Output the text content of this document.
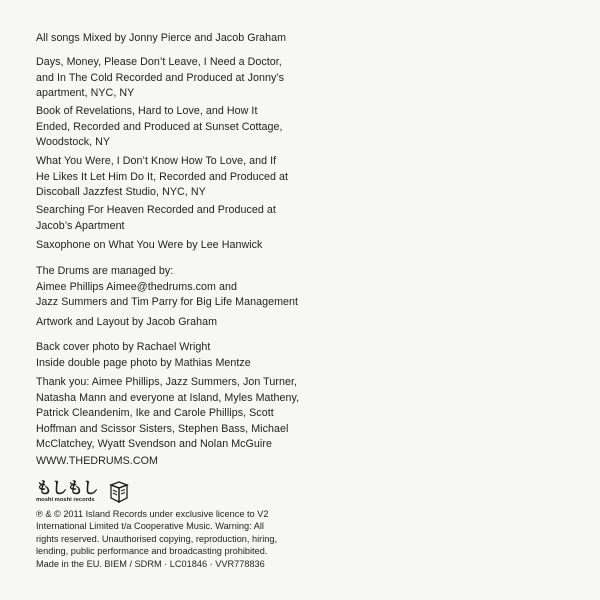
All songs Mixed by Jonny Pierce and Jacob Graham
Days, Money, Please Don’t Leave, I Need a Doctor,
and In The Cold Recorded and Produced at Jonny’s
apartment, NYC, NY
Book of Revelations, Hard to Love, and How It
Ended, Recorded and Produced at Sunset Cottage,
Woodstock, NY
What You Were, I Don’t Know How To Love, and If
He Likes It Let Him Do It, Recorded and Produced at
Discoball Jazzfest Studio, NYC, NY
Searching For Heaven Recorded and Produced at
Jacob’s Apartment
Saxophone on What You Were by Lee Hanwick
The Drums are managed by:
Aimee Phillips Aimee@thedrums.com and
Jazz Summers and Tim Parry for Big Life Management
Artwork and Layout by Jacob Graham
Back cover photo by Rachael Wright
Inside double page photo by Mathias Mentze
Thank you: Aimee Phillips, Jazz Summers, Jon Turner,
Natasha Mann and everyone at Island, Myles Matheny,
Patrick Cleandenim, Ike and Carole Phillips, Scott
Hoffman and Scissor Sisters, Stephen Bass, Michael
McClatchey, Wyatt Svendson and Nolan McGuire
WWW.THEDRUMS.COM
もしもし
moshi moshi records
℗ & © 2011 Island Records under exclusive licence to V2
International Limited t/a Cooperative Music. Warning: All
rights reserved. Unauthorised copying, reproduction, hiring,
lending, public performance and broadcasting prohibited.
Made in the EU. BIEM / SDRM · LC01846 · VVR778836
